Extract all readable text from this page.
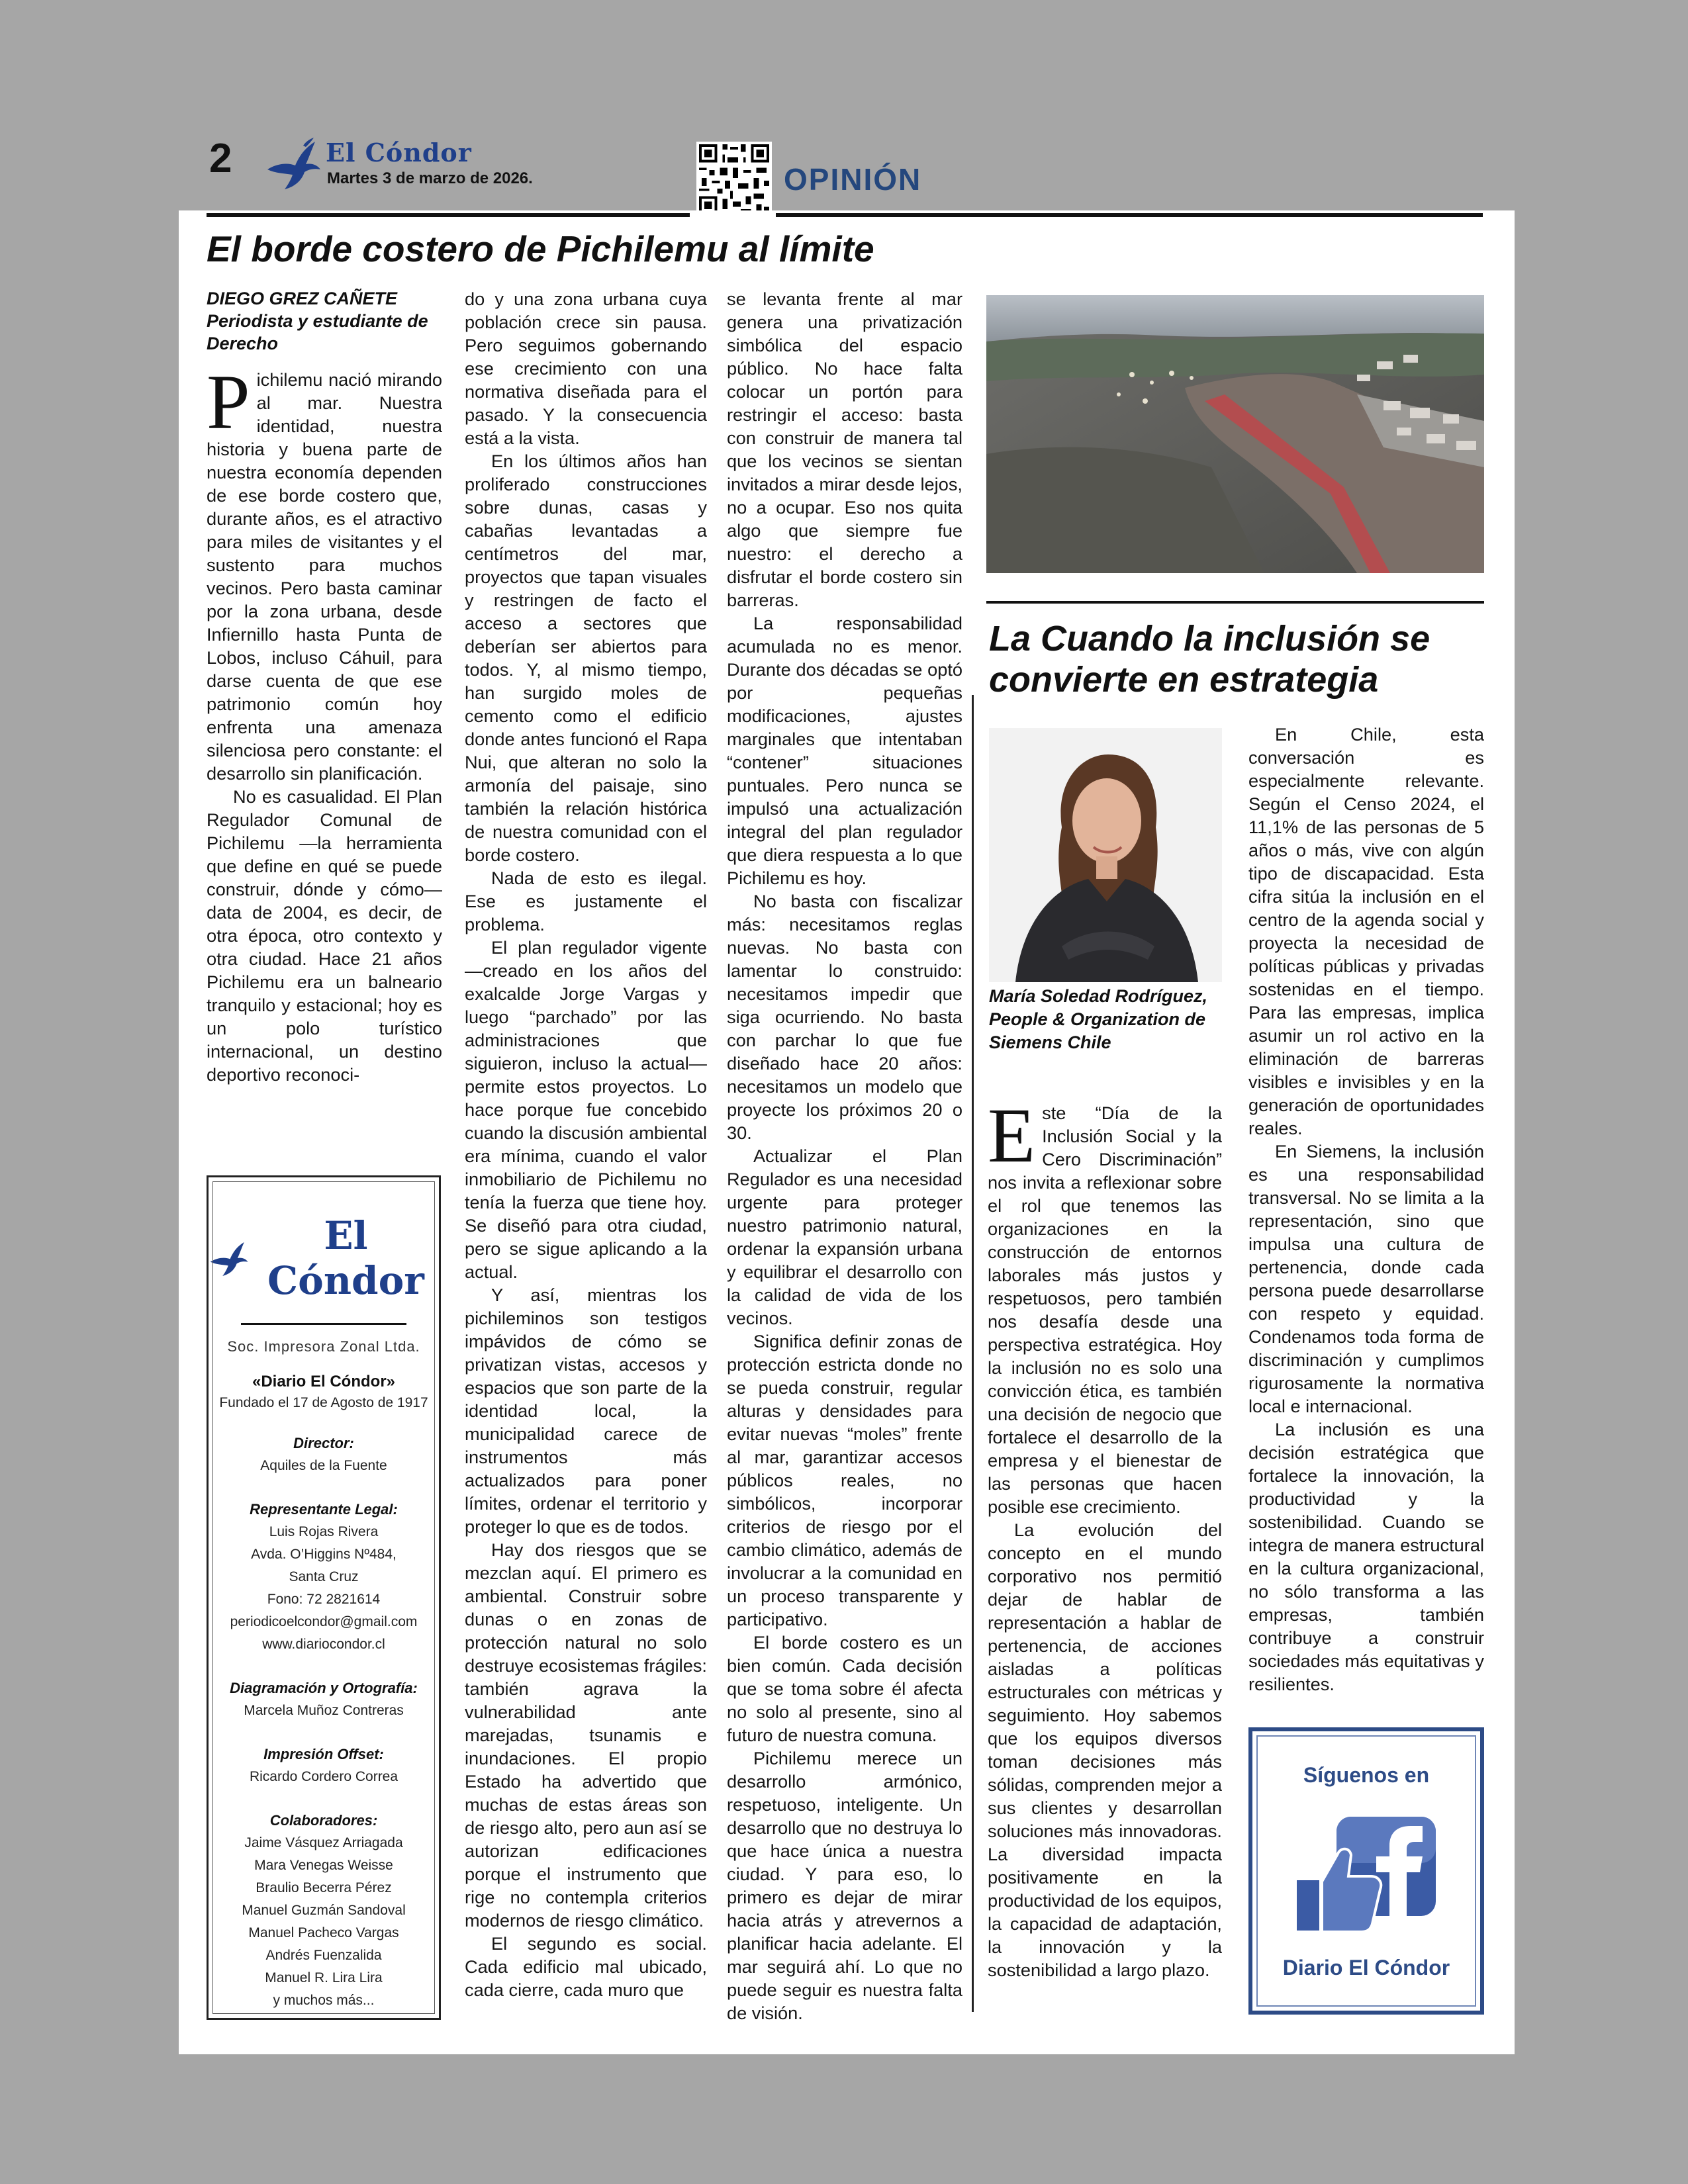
2	El Cóndor
Martes 3 de marzo de 2026.	OPINIÓN
El borde costero de Pichilemu al límite
DIEGO GREZ CAÑETE
Periodista y estudiante de Derecho

Pichilemu nació mirando al mar. Nuestra identidad, nuestra historia y buena parte de nuestra economía dependen de ese borde costero que, durante años, es el atractivo para miles de visitantes y el sustento para muchos vecinos. Pero basta caminar por la zona urbana, desde Infiernillo hasta Punta de Lobos, incluso Cáhuil, para darse cuenta de que ese patrimonio común hoy enfrenta una amenaza silenciosa pero constante: el desarrollo sin planificación.

No es casualidad. El Plan Regulador Comunal de Pichilemu —la herramienta que define en qué se puede construir, dónde y cómo— data de 2004, es decir, de otra época, otro contexto y otra ciudad. Hace 21 años Pichilemu era un balneario tranquilo y estacional; hoy es un polo turístico internacional, un destino deportivo reconoci-

El Cóndor
Soc. Impresora Zonal Ltda.
«Diario El Cóndor»
Fundado el 17 de Agosto de 1917
Director:
Aquiles de la Fuente
Representante Legal:
Luis Rojas Rivera
Avda. O’Higgins Nº484,
Santa Cruz
Fono: 72 2821614
periodicoelcondor@gmail.com
www.diariocondor.cl
Diagramación y Ortografía:
Marcela Muñoz Contreras
Impresión Offset:
Ricardo Cordero Correa
Colaboradores:
Jaime Vásquez Arriagada
Mara Venegas Weisse
Braulio Becerra Pérez
Manuel Guzmán Sandoval
Manuel Pacheco Vargas
Andrés Fuenzalida
Manuel R. Lira Lira
y muchos más...

do y una zona urbana cuya población crece sin pausa. Pero seguimos gobernando ese crecimiento con una normativa diseñada para el pasado. Y la consecuencia está a la vista.

En los últimos años han proliferado construcciones sobre dunas, casas y cabañas levantadas a centímetros del mar, proyectos que tapan visuales y restringen de facto el acceso a sectores que deberían ser abiertos para todos. Y, al mismo tiempo, han surgido moles de cemento como el edificio donde antes funcionó el Rapa Nui, que alteran no solo la armonía del paisaje, sino también la relación histórica de nuestra comunidad con el borde costero.

Nada de esto es ilegal. Ese es justamente el problema.

El plan regulador vigente —creado en los años del exalcalde Jorge Vargas y luego “parchado” por las administraciones que siguieron, incluso la actual— permite estos proyectos. Lo hace porque fue concebido cuando la discusión ambiental era mínima, cuando el valor inmobiliario de Pichilemu no tenía la fuerza que tiene hoy. Se diseñó para otra ciudad, pero se sigue aplicando a la actual.

Y así, mientras los pichileminos son testigos impávidos de cómo se privatizan vistas, accesos y espacios que son parte de la identidad local, la municipalidad carece de instrumentos más actualizados para poner límites, ordenar el territorio y proteger lo que es de todos.

Hay dos riesgos que se mezclan aquí. El primero es ambiental. Construir sobre dunas o en zonas de protección natural no solo destruye ecosistemas frágiles: también agrava la vulnerabilidad ante marejadas, tsunamis e inundaciones. El propio Estado ha advertido que muchas de estas áreas son de riesgo alto, pero aun así se autorizan edificaciones porque el instrumento que rige no contempla criterios modernos de riesgo climático.

El segundo es social. Cada edificio mal ubicado, cada cierre, cada muro que

se levanta frente al mar genera una privatización simbólica del espacio público. No hace falta colocar un portón para restringir el acceso: basta con construir de manera tal que los vecinos se sientan invitados a mirar desde lejos, no a ocupar. Eso nos quita algo que siempre fue nuestro: el derecho a disfrutar el borde costero sin barreras.

La responsabilidad acumulada no es menor. Durante dos décadas se optó por pequeñas modificaciones, ajustes marginales que intentaban “contener” situaciones puntuales. Pero nunca se impulsó una actualización integral del plan regulador que diera respuesta a lo que Pichilemu es hoy.

No basta con fiscalizar más: necesitamos reglas nuevas. No basta con lamentar lo construido: necesitamos impedir que siga ocurriendo. No basta con parchar lo que fue diseñado hace 20 años: necesitamos un modelo que proyecte los próximos 20 o 30.

Actualizar el Plan Regulador es una necesidad urgente para proteger nuestro patrimonio natural, ordenar la expansión urbana y equilibrar el desarrollo con la calidad de vida de los vecinos.

Significa definir zonas de protección estricta donde no se pueda construir, regular alturas y densidades para evitar nuevas “moles” frente al mar, garantizar accesos públicos reales, no simbólicos, incorporar criterios de riesgo por el cambio climático, además de involucrar a la comunidad en un proceso transparente y participativo.

El borde costero es un bien común. Cada decisión que se toma sobre él afecta no solo al presente, sino al futuro de nuestra comuna.

Pichilemu merece un desarrollo armónico, respetuoso, inteligente. Un desarrollo que no destruya lo que hace única a nuestra ciudad. Y para eso, lo primero es dejar de mirar hacia atrás y atrevernos a planificar hacia adelante. El mar seguirá ahí. Lo que no puede seguir es nuestra falta de visión.

La Cuando la inclusión se convierte en estrategia
María Soledad Rodríguez, People & Organization de Siemens Chile

Este “Día de la Inclusión Social y la Cero Discriminación” nos invita a reflexionar sobre el rol que tenemos las organizaciones en la construcción de entornos laborales más justos y respetuosos, pero también nos desafía desde una perspectiva estratégica. Hoy la inclusión no es solo una convicción ética, es también una decisión de negocio que fortalece el desarrollo de la empresa y el bienestar de las personas que hacen posible ese crecimiento.

La evolución del concepto en el mundo corporativo nos permitió dejar de hablar de representación a hablar de pertenencia, de acciones aisladas a políticas estructurales con métricas y seguimiento. Hoy sabemos que los equipos diversos toman decisiones más sólidas, comprenden mejor a sus clientes y desarrollan soluciones más innovadoras. La diversidad impacta positivamente en la productividad de los equipos, la capacidad de adaptación, la innovación y la sostenibilidad a largo plazo.

En Chile, esta conversación es especialmente relevante. Según el Censo 2024, el 11,1% de las personas de 5 años o más, vive con algún tipo de discapacidad. Esta cifra sitúa la inclusión en el centro de la agenda social y proyecta la necesidad de políticas públicas y privadas sostenidas en el tiempo. Para las empresas, implica asumir un rol activo en la eliminación de barreras visibles e invisibles y en la generación de oportunidades reales.

En Siemens, la inclusión es una responsabilidad transversal. No se limita a la representación, sino que impulsa una cultura de pertenencia, donde cada persona puede desarrollarse con respeto y equidad. Condenamos toda forma de discriminación y cumplimos rigurosamente la normativa local e internacional.

La inclusión es una decisión estratégica que fortalece la innovación, la productividad y la sostenibilidad. Cuando se integra de manera estructural en la cultura organizacional, no sólo transforma a las empresas, también contribuye a construir sociedades más equitativas y resilientes.

Síguenos en
Diario El Cóndor
